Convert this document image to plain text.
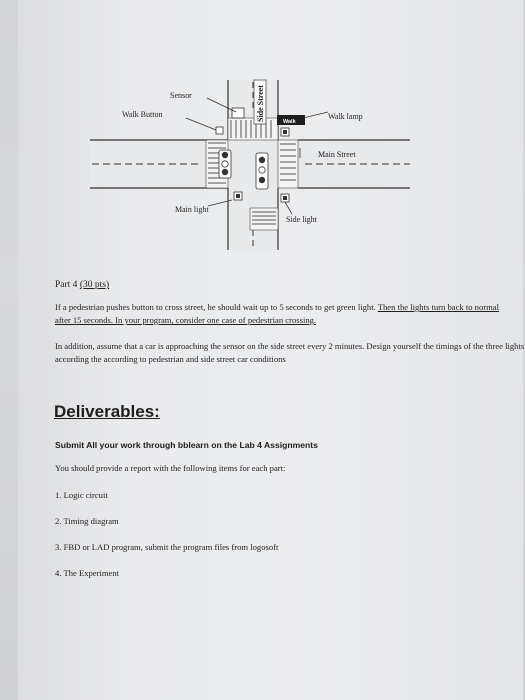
Side Street
Sensor
Walk Button
Walk
Walk lamp
Main Street
Main light
Side light
Part 4 (30 pts)
If a pedestrian pushes button to cross street, he should wait up to 5 seconds to get green light. Then the lights turn back to normal after 15 seconds. In your program, consider one case of pedestrian crossing.
In addition, assume that a car is approaching the sensor on the side street every 2 minutes. Design yourself the timings of the three lights according the according to pedestrian and side street car conditions
Deliverables:
Submit All your work through bblearn on the Lab 4 Assignments
You should provide a report with the following items for each part:
1. Logic circuit
2. Timing diagram
3. FBD or LAD program, submit the program files from logosoft
4. The Experiment
